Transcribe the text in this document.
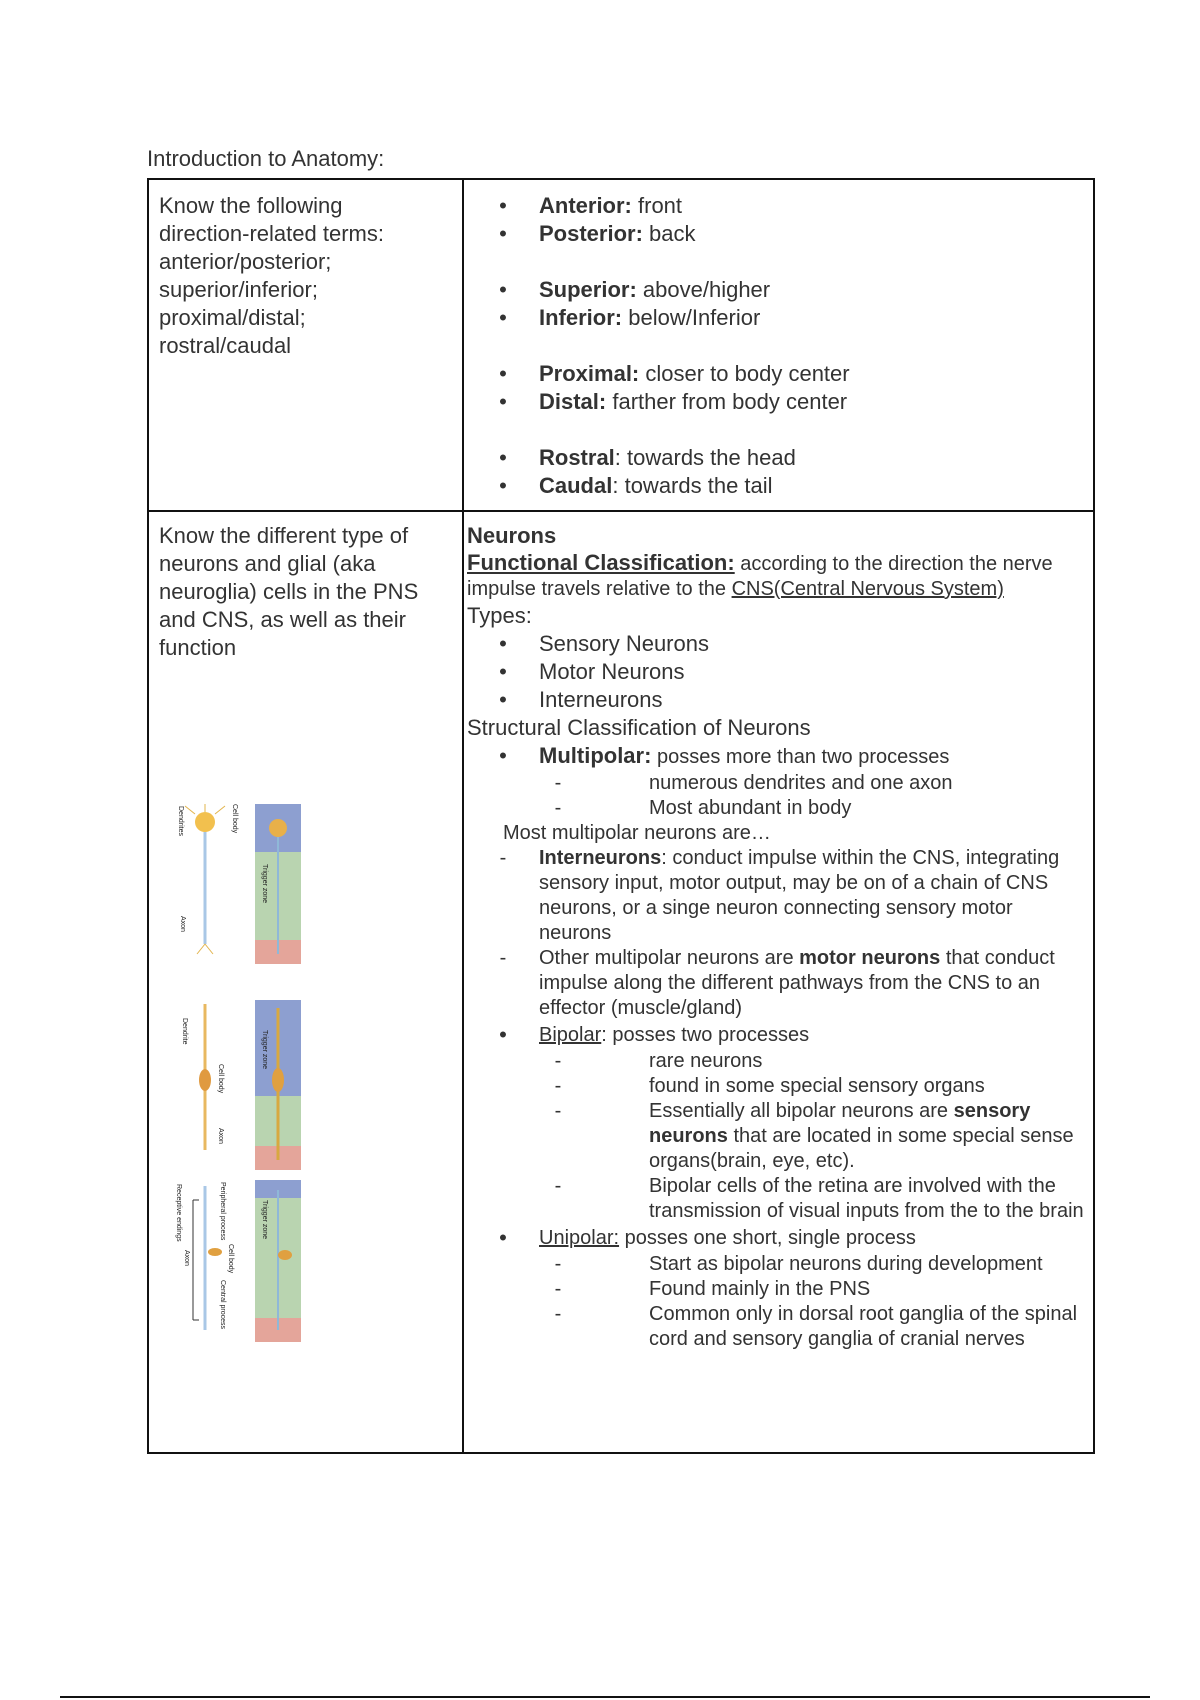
Introduction to Anatomy:
Know the following
direction-related terms:
anterior/posterior;
superior/inferior;
proximal/distal;
rostral/caudal
•	Anterior: front
•	Posterior: back
•	Superior: above/higher
•	Inferior: below/Inferior
•	Proximal: closer to body center
•	Distal: farther from body center
•	Rostral: towards the head
•	Caudal: towards the tail
Know the different type of neurons and glial (aka neuroglia) cells in the PNS and CNS, as well as their function
Dendrites	Cell body
Axon
Trigger zone
Dendrite
Cell body
Axon
Trigger zone
Receptive endings	Peripheral process
Cell body
Central process
Axon
Trigger zone
Neurons
Functional Classification: according to the direction the nerve impulse travels relative to the CNS(Central Nervous System)
Types:
•	Sensory Neurons
•	Motor Neurons
•	Interneurons
Structural Classification of Neurons
•	Multipolar: posses more than two processes
-	numerous dendrites and one axon
-	Most abundant in body
Most multipolar neurons are…
-	Interneurons: conduct impulse within the CNS, integrating sensory input, motor output, may be on of a chain of CNS neurons, or a singe neuron connecting sensory motor neurons
-	Other multipolar neurons are motor neurons that conduct impulse along the different pathways from the CNS to an effector (muscle/gland)
•	Bipolar: posses two processes
-	rare neurons
-	found in some special sensory organs
-	Essentially all bipolar neurons are sensory neurons that are located in some special sense organs(brain, eye, etc).
-	Bipolar cells of the retina are involved with the transmission of visual inputs from the to the brain
•	Unipolar: posses one short, single process
-	Start as bipolar neurons during development
-	Found mainly in the PNS
-	Common only in dorsal root ganglia of the spinal cord and sensory ganglia of cranial nerves
